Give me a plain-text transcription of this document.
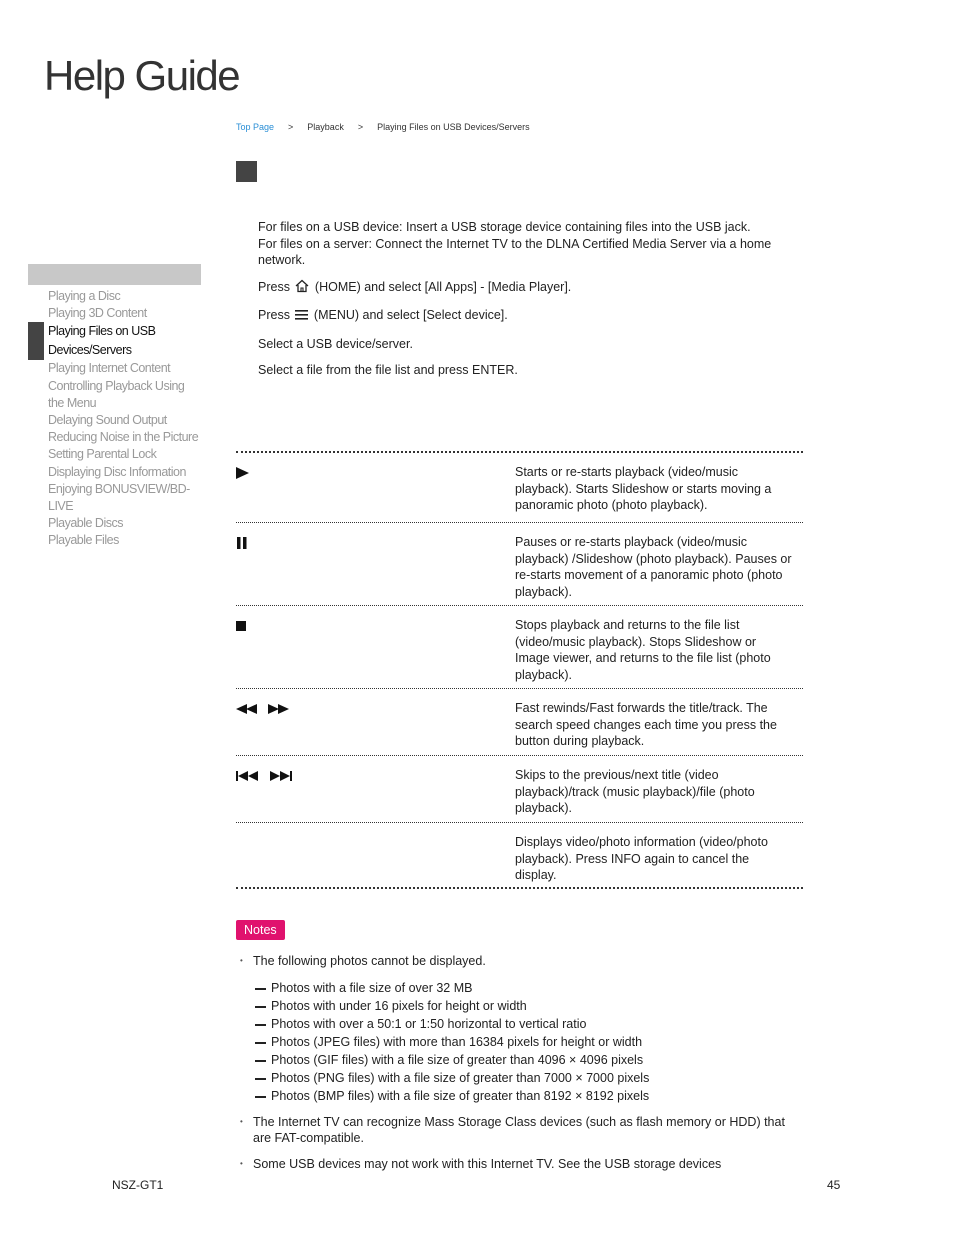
Help Guide
Top Page > Playback > Playing Files on USB Devices/Servers
Playing a Disc
Playing 3D Content
Playing Files on USB Devices/Servers
Playing Internet Content
Controlling Playback Using the Menu
Delaying Sound Output
Reducing Noise in the Picture
Setting Parental Lock
Displaying Disc Information
Enjoying BONUSVIEW/BD-LIVE
Playable Discs
Playable Files

For files on a USB device: Insert a USB storage device containing files into the USB jack.

For files on a server: Connect the Internet TV to the DLNA Certified Media Server via a home network.

Press (HOME) and select [All Apps] - [Media Player].

Press (MENU) and select [Select device].

Select a USB device/server.

Select a file from the file list and press ENTER.

Starts or re-starts playback (video/music playback). Starts Slideshow or starts moving a panoramic photo (photo playback).
Pauses or re-starts playback (video/music playback) /Slideshow (photo playback). Pauses or re-starts movement of a panoramic photo (photo playback).
Stops playback and returns to the file list (video/music playback). Stops Slideshow or Image viewer, and returns to the file list (photo playback).
Fast rewinds/Fast forwards the title/track. The search speed changes each time you press the button during playback.
Skips to the previous/next title (video playback)/track (music playback)/file (photo playback).
Displays video/photo information (video/photo playback). Press INFO again to cancel the display.
Notes
• The following photos cannot be displayed.
Photos with a file size of over 32 MB
Photos with under 16 pixels for height or width
Photos with over a 50:1 or 1:50 horizontal to vertical ratio
Photos (JPEG files) with more than 16384 pixels for height or width
Photos (GIF files) with a file size of greater than 4096 × 4096 pixels
Photos (PNG files) with a file size of greater than 7000 × 7000 pixels
Photos (BMP files) with a file size of greater than 8192 × 8192 pixels
• The Internet TV can recognize Mass Storage Class devices (such as flash memory or HDD) that are FAT-compatible.
• Some USB devices may not work with this Internet TV. See the USB storage devices
NSZ-GT1	45
